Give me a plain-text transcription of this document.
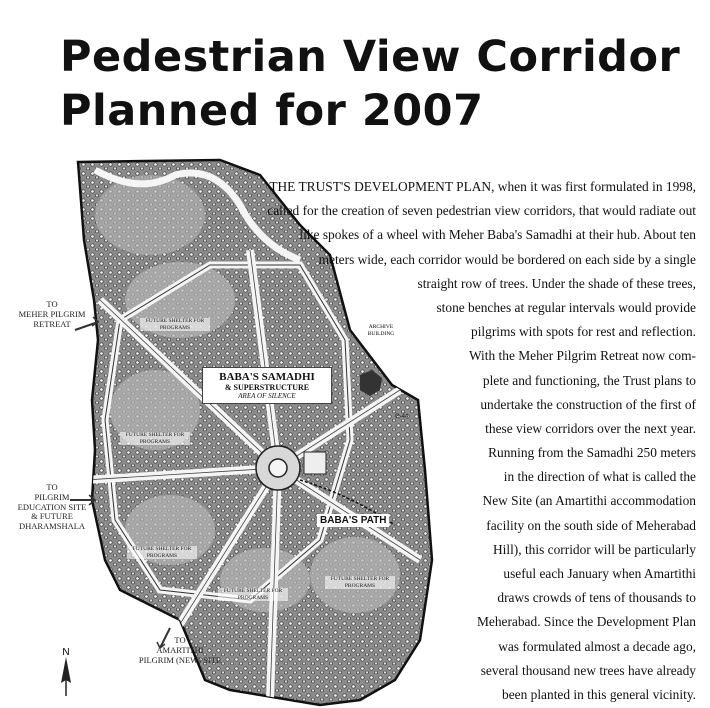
Pedestrian View Corridor
Planned for 2007
TO
MEHER PILGRIM
RETREAT
TO
PILGRIM
EDUCATION SITE
& FUTURE
DHARAMSHALA
TO
AMARTITHI
PILGRIM (NEW) SITE
FUTURE SHELTER FOR PROGRAMS
FUTURE SHELTER FOR PROGRAMS
FUTURE SHELTER FOR PROGRAMS
FUTURE SHELTER FOR PROGRAMS
FUTURE SHELTER FOR PROGRAMS
BABA'S SAMADHI
& SUPERSTRUCTURE
AREA OF SILENCE
BABA'S PATH
ARCHIVE BUILDING
G-44
N

THE TRUST'S DEVELOPMENT PLAN, when it was first formulated in 1998,

called for the creation of seven pedestrian view corridors, that would radiate out

like spokes of a wheel with Meher Baba's Samadhi at their hub. About ten

meters wide, each corridor would be bordered on each side by a single

straight row of trees. Under the shade of these trees,

stone benches at regular intervals would provide

pilgrims with spots for rest and reflection.

With the Meher Pilgrim Retreat now com-

plete and functioning, the Trust plans to

undertake the construction of the first of

these view corridors over the next year.

Running from the Samadhi 250 meters

in the direction of what is called the

New Site (an Amartithi accommodation

facility on the south side of Meherabad

Hill), this corridor will be particularly

useful each January when Amartithi

draws crowds of tens of thousands to

Meherabad. Since the Development Plan

was formulated almost a decade ago,

several thousand new trees have already

been planted in this general vicinity.
